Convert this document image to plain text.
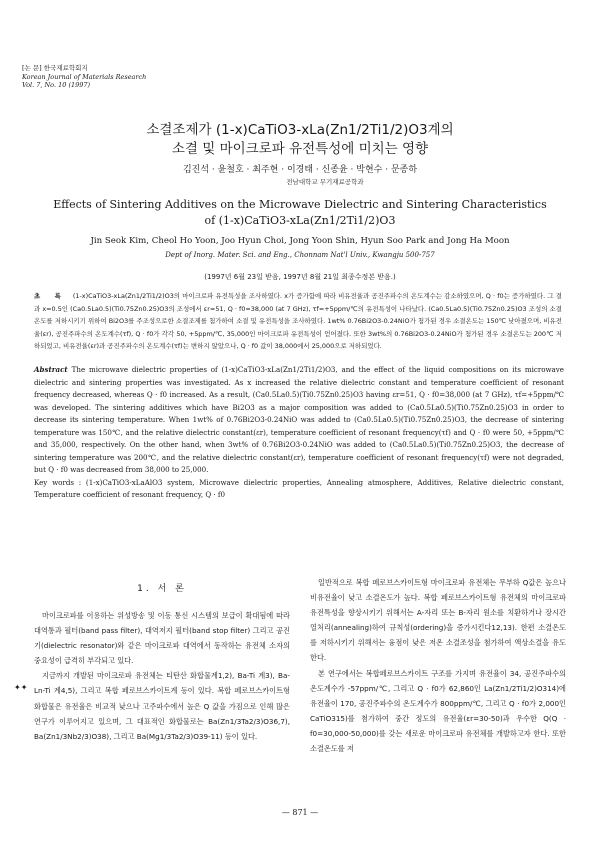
[논 문] 한국재료학회지
Korean Journal of Materials Research
Vol. 7, No. 10 (1997)
소결조제가 (1-x)CaTiO3-xLa(Zn1/2Ti1/2)O3계의
소결 및 마이크로파 유전특성에 미치는 영향
김진석 · 윤철호 · 최주현 · 이경태 · 신종윤 · 박현수 · 문종하
전남대학교 무기재료공학과
Effects of Sintering Additives on the Microwave Dielectric and Sintering Characteristics
of (1-x)CaTiO3-xLa(Zn1/2Ti1/2)O3
Jin Seok Kim, Cheol Ho Yoon, Joo Hyun Choi, Jong Yoon Shin, Hyun Soo Park and Jong Ha Moon
Dept of Inorg. Mater. Sci. and Eng., Chonnam Nat'l Univ., Kwangju 500-757
(1997년 6월 23일 받음, 1997년 8월 21일 최종수정본 받음.)

초 록 (1-x)CaTiO3-xLa(Zn1/2Ti1/2)O3의 마이크로파 유전특성을 조사하였다. x가 증가함에 따라 비유전율과 공진주파수의 온도계수는 감소하였으며, Q · f0는 증가하였다. 그 결과 x=0.5인 (Ca0.5La0.5)(Ti0.75Zn0.25)O3의 조성에서 εr=51, Q · f0=38,000 (at 7 GHz), τf=+5ppm/℃의 유전특성이 나타났다. (Ca0.5La0.5)(Ti0.75Zn0.25)O3 조성의 소결온도를 저하시키기 위하여 Bi2O3를 주조성으로한 소결조제를 첨가하여 소결 및 유전특성을 조사하였다. 1wt% 0.76Bi2O3-0.24NiO가 첨가된 경우 소결온도는 150℃ 낮아졌으며, 비유전율(εr), 공진주파수의 온도계수(τf), Q · f0가 각각 50, +5ppm/℃, 35,000인 마이크로파 유전특성이 얻어졌다. 또한 3wt%의 0.76Bi2O3-0.24NiO가 첨가된 경우 소결온도는 200℃ 저하되었고, 비유전율(εr)과 공진주파수의 온도계수(τf)는 변하지 않았으나, Q · f0 값이 38,000에서 25,000으로 저하되었다.

Abstract The microwave dielectric properties of (1-x)CaTiO3-xLa(Zn1/2Ti1/2)O3, and the effect of the liquid compositions on its microwave dielectric and sintering properties was investigated. As x increased the relative dielectric constant and temperature coefficient of resonant frequency decreased, whereas Q · f0 increased. As a result, (Ca0.5La0.5)(Ti0.75Zn0.25)O3 having εr=51, Q · f0=38,000 (at 7 GHz), τf=+5ppm/℃ was developed. The sintering additives which have Bi2O3 as a major composition was added to (Ca0.5La0.5)(Ti0.75Zn0.25)O3 in order to decrease its sintering temperature. When 1wt% of 0.76Bi2O3-0.24NiO was added to (Ca0.5La0.5)(Ti0.75Zn0.25)O3, the decrease of sintering temperature was 150℃, and the relative dielectric constant(εr), temperature coefficient of resonant frequency(τf) and Q · f0 were 50, +5ppm/℃ and 35,000, respectively. On the other hand, when 3wt% of 0.76Bi2O3-0.24NiO was added to (Ca0.5La0.5)(Ti0.75Zn0.25)O3, the decrease of sintering temperature was 200℃, and the relative dielectric constant(εr), temperature coefficient of resonant frequency(τf) were not degraded, but Q · f0 was decreased from 38,000 to 25,000.

Key words : (1-x)CaTiO3-xLaAlO3 system, Microwave dielectric properties, Annealing atmosphere, Additives, Relative dielectric constant, Temperature coefficient of resonant frequency, Q · f0

1. 서 론

마이크로파를 이용하는 위성방송 및 이동 통신 시스템의 보급이 확대됨에 따라 대역통과 필터(band pass filter), 대역저지 필터(band stop filter) 그리고 공진기(dielectric resonator)와 같은 마이크로파 대역에서 동작하는 유전체 소자의 중요성이 급격히 부각되고 있다.

지금까지 개발된 마이크로파 유전체는 티탄산 화합물계1,2), Ba-Ti 계3), Ba-Ln-Ti 계4,5), 그리고 복합 페로브스카이트계 등이 있다. 복합 페로브스카이트형 화합물은 유전율은 비교적 낮으나 고주파수에서 높은 Q 값을 가짐으로 인해 많은 연구가 이루어지고 있으며, 그 대표적인 화합물로는 Ba(Zn1/3Ta2/3)O36,7), Ba(Zn1/3Nb2/3)O38), 그리고 Ba(Mg1/3Ta2/3)O39-11) 등이 있다.

✦✦

일반적으로 복합 페로브스카이트형 마이크로파 유전체는 무부하 Q값은 높으나 비유전율이 낮고 소결온도가 높다. 복합 페로브스카이트형 유전체의 마이크로파 유전특성을 향상시키기 위해서는 A-자리 또는 B-자리 원소를 치환하거나 장시간 열처리(annealing)하여 규칙성(ordering)을 증가시킨다12,13). 한편 소결온도를 저하시키기 위해서는 융점이 낮은 저온 소결조성을 첨가하여 액상소결을 유도한다.

본 연구에서는 복합페로브스카이트 구조를 가지며 유전율이 34, 공진주파수의 온도계수가 -57ppm/℃, 그리고 Q · f0가 62,860인 La(Zn1/2Ti1/2)O314)에 유전율이 170, 공진주파수의 온도계수가 800ppm/℃, 그리고 Q · f0가 2,000인 CaTiO315)를 첨가하여 중간 정도의 유전율(εr=30-50)과 우수한 Q(Q · f0=30,000-50,000)를 갖는 새로운 마이크로파 유전체를 개발하고자 한다. 또한 소결온도를 저

— 871 —
